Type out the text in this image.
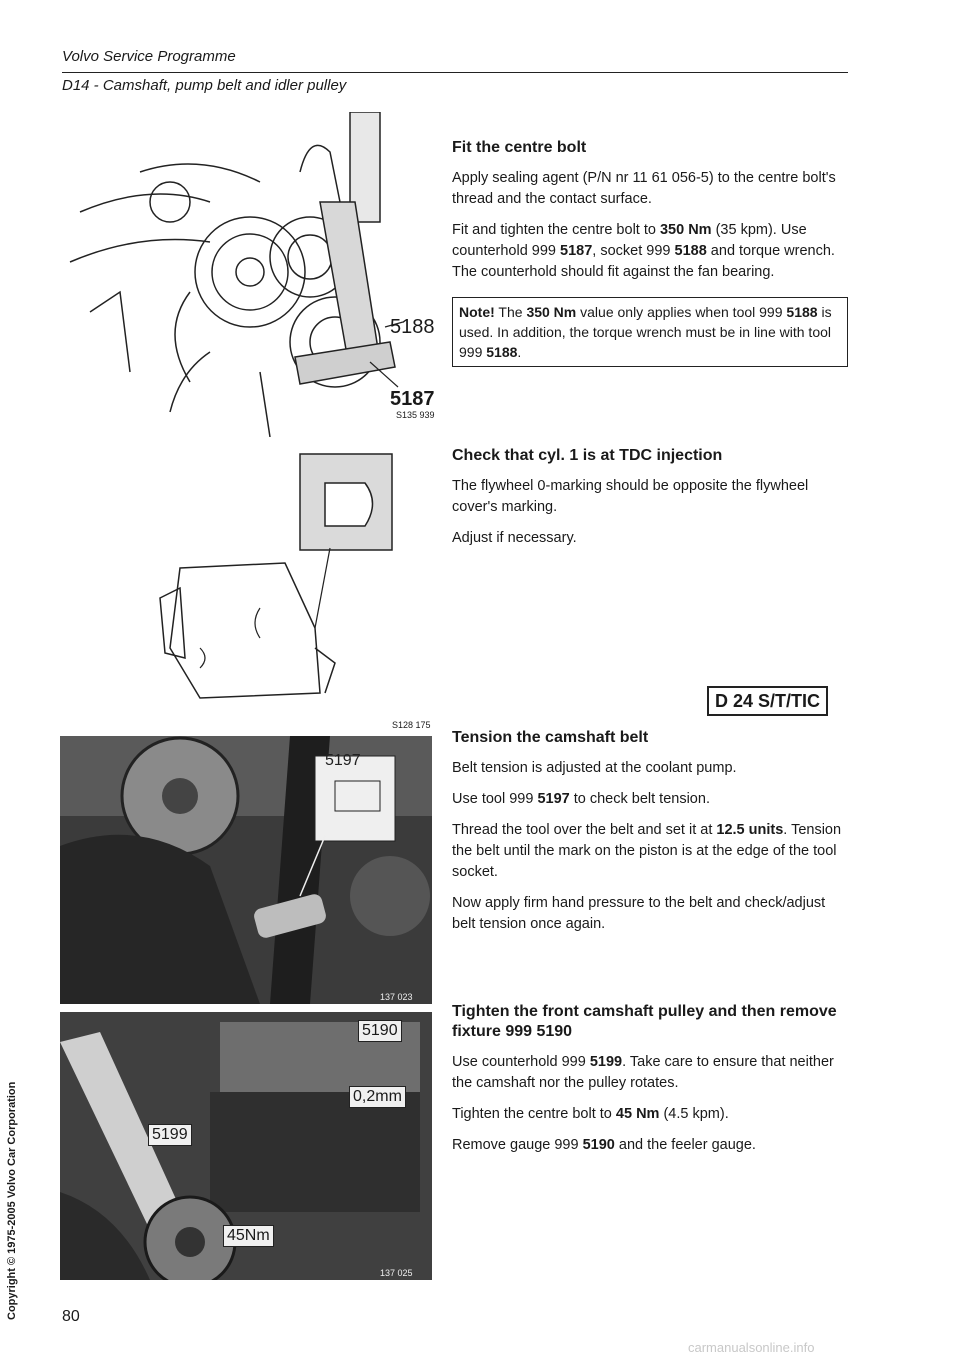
Volvo Service Programme
D14 - Camshaft, pump belt and idler pulley
Copyright © 1975-2005 Volvo Car Corporation
5188
5187
S135 939
S128 175
5197
137 023
5190
0,2mm
5199
45Nm
137 025
Fit the centre bolt

Apply sealing agent (P/N nr 11 61 056-5) to the centre bolt's thread and the contact surface.

Fit and tighten the centre bolt to 350 Nm (35 kpm). Use counterhold 999 5187, socket 999 5188 and torque wrench. The counterhold should fit against the fan bearing.

Note! The 350 Nm value only applies when tool 999 5188 is used. In addition, the torque wrench must be in line with tool 999 5188.
Check that cyl. 1 is at TDC injection

The flywheel 0-marking should be opposite the flywheel cover's marking.

Adjust if necessary.

D 24 S/T/TIC
Tension the camshaft belt

Belt tension is adjusted at the coolant pump.

Use tool 999 5197 to check belt tension.

Thread the tool over the belt and set it at 12.5 units. Tension the belt until the mark on the piston is at the edge of the tool socket.

Now apply firm hand pressure to the belt and check/adjust belt tension once again.

Tighten the front camshaft pulley and then remove fixture 999 5190

Use counterhold 999 5199. Take care to ensure that neither the camshaft nor the pulley rotates.

Tighten the centre bolt to 45 Nm (4.5 kpm).

Remove gauge 999 5190 and the feeler gauge.

80
carmanualsonline.info
